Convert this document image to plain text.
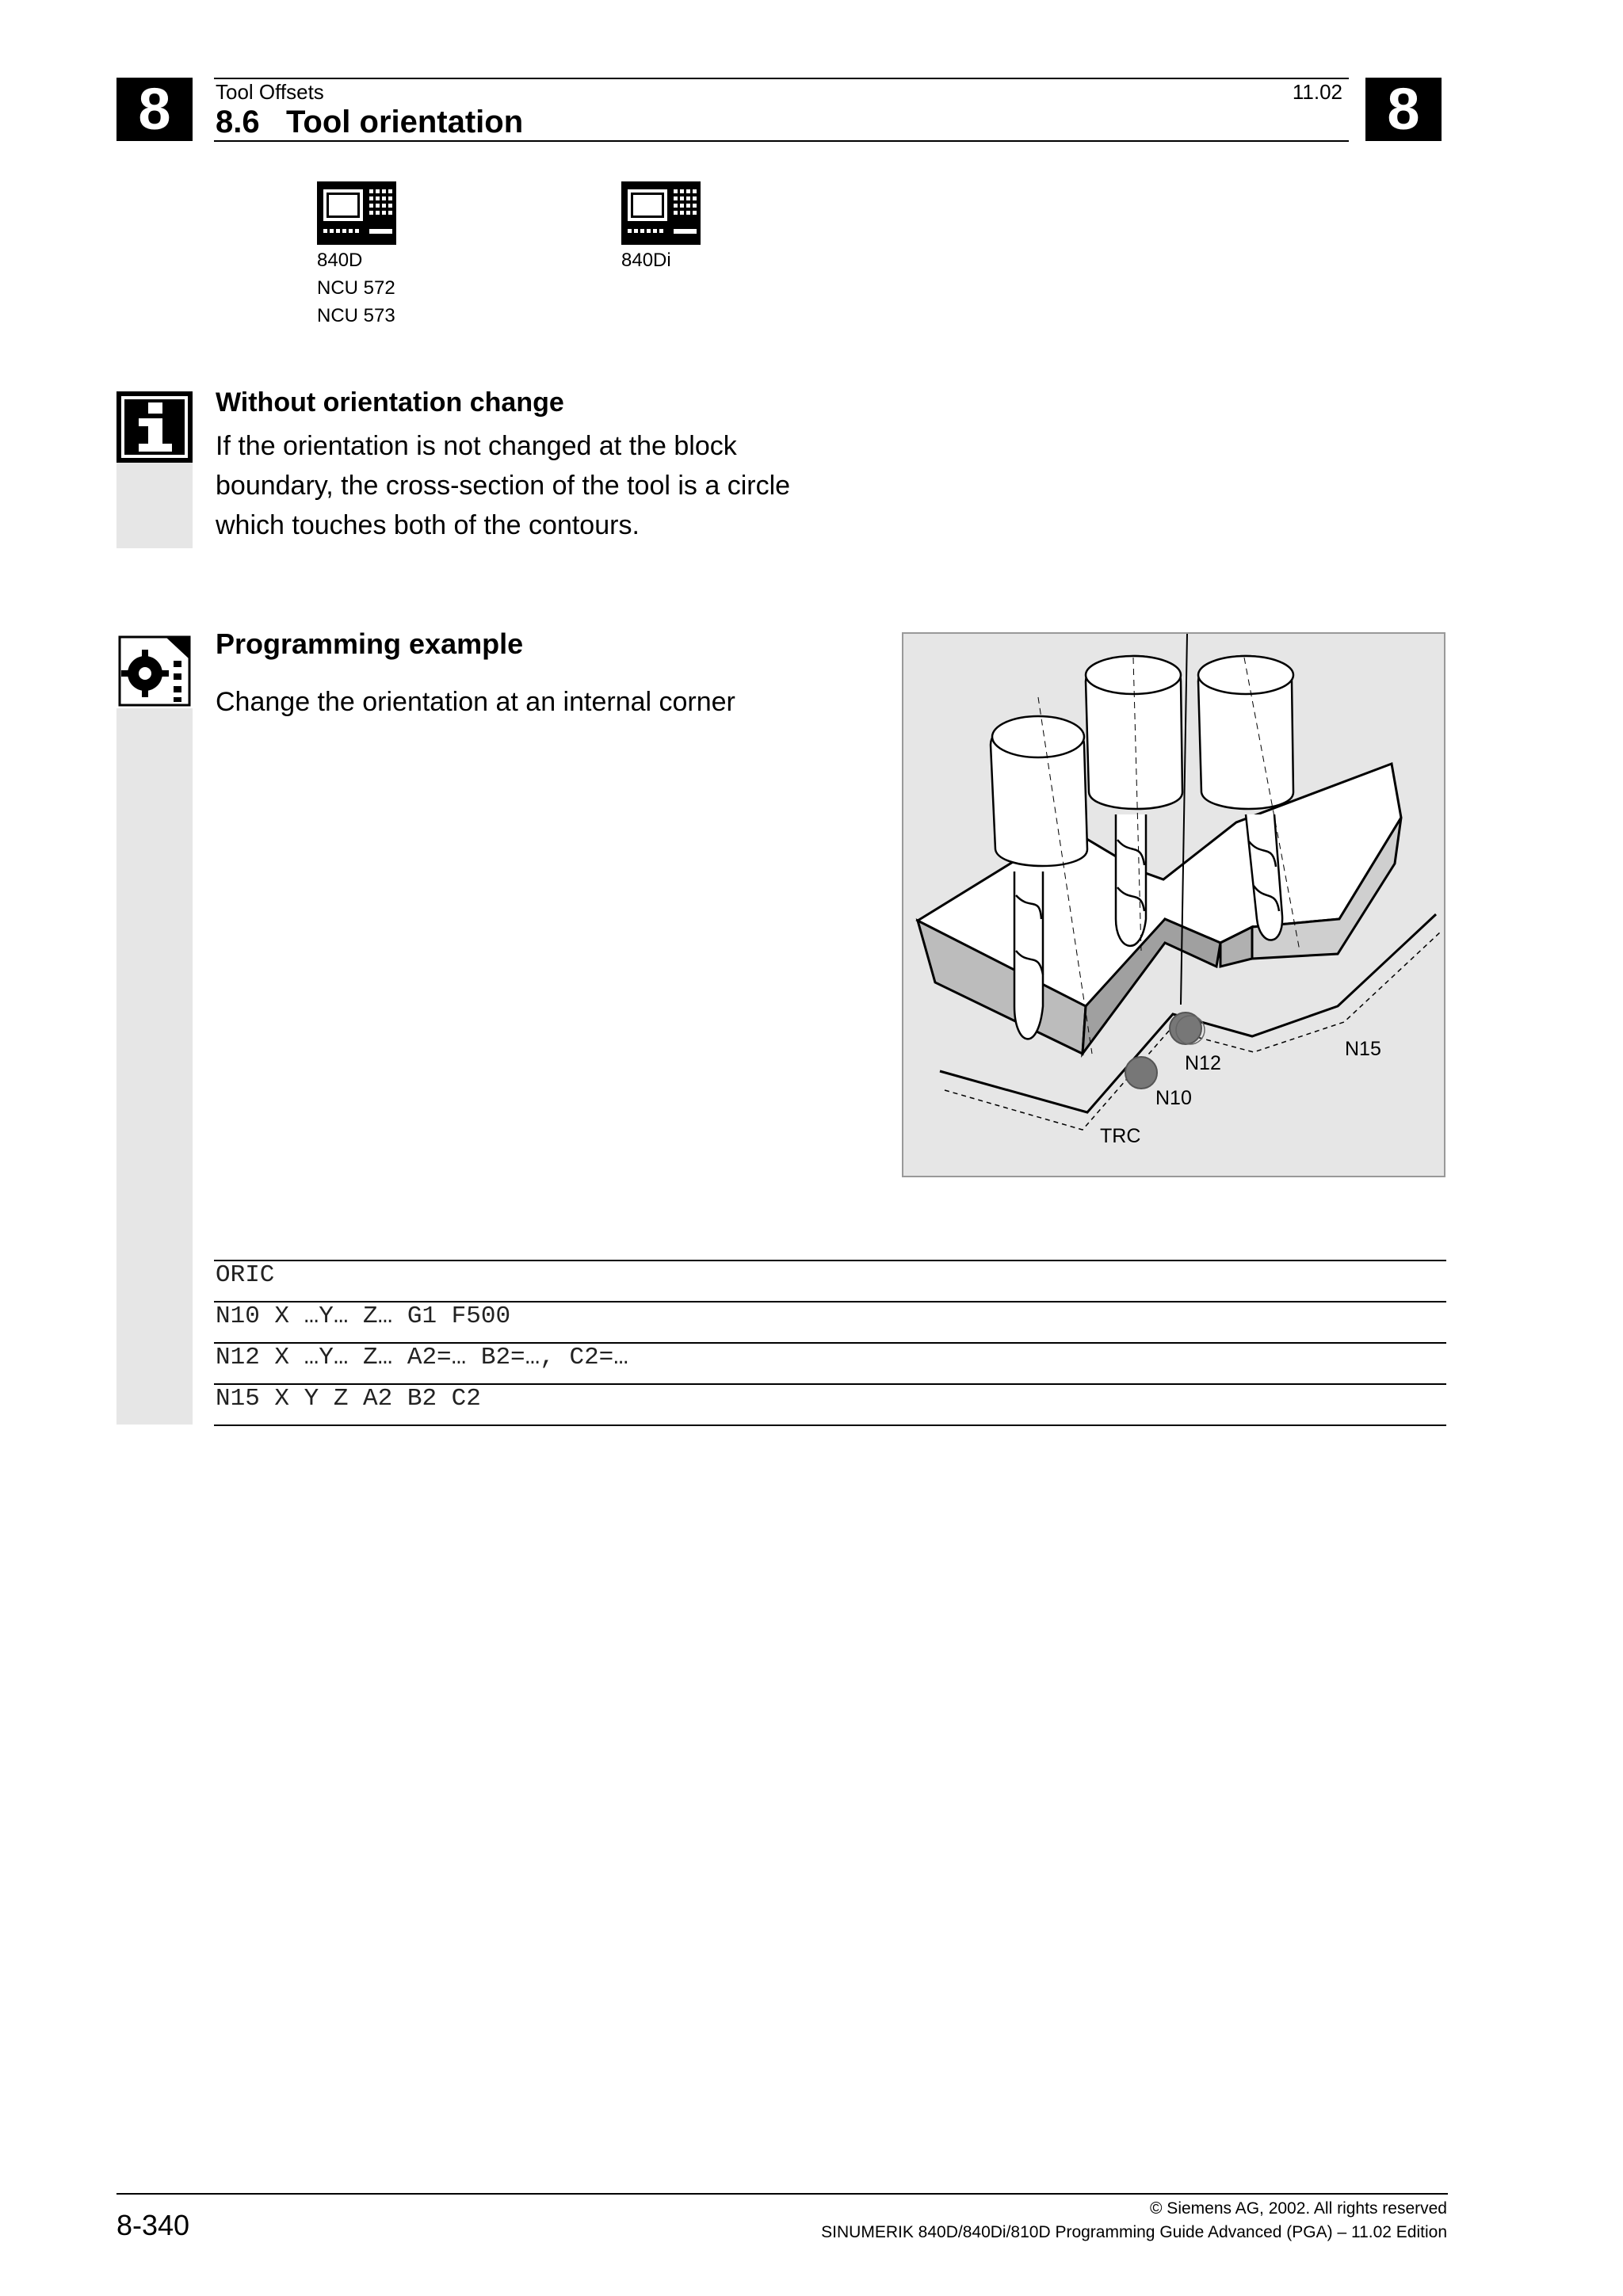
8	8
Tool Offsets	11.02
8.6   Tool orientation
840D
NCU 572
NCU 573
840Di
Without orientation change
If the orientation is not changed at the block
boundary, the cross-section of the tool is a circle
which touches both of the contours.
Programming example
Change the orientation at an internal corner
N12
N10
N15
TRC
ORIC
N10 X …Y… Z… G1 F500
N12 X …Y… Z… A2=… B2=…, C2=…
N15 X Y Z A2 B2 C2
8-340
© Siemens AG, 2002. All rights reserved
SINUMERIK 840D/840Di/810D Programming Guide Advanced (PGA) – 11.02 Edition
